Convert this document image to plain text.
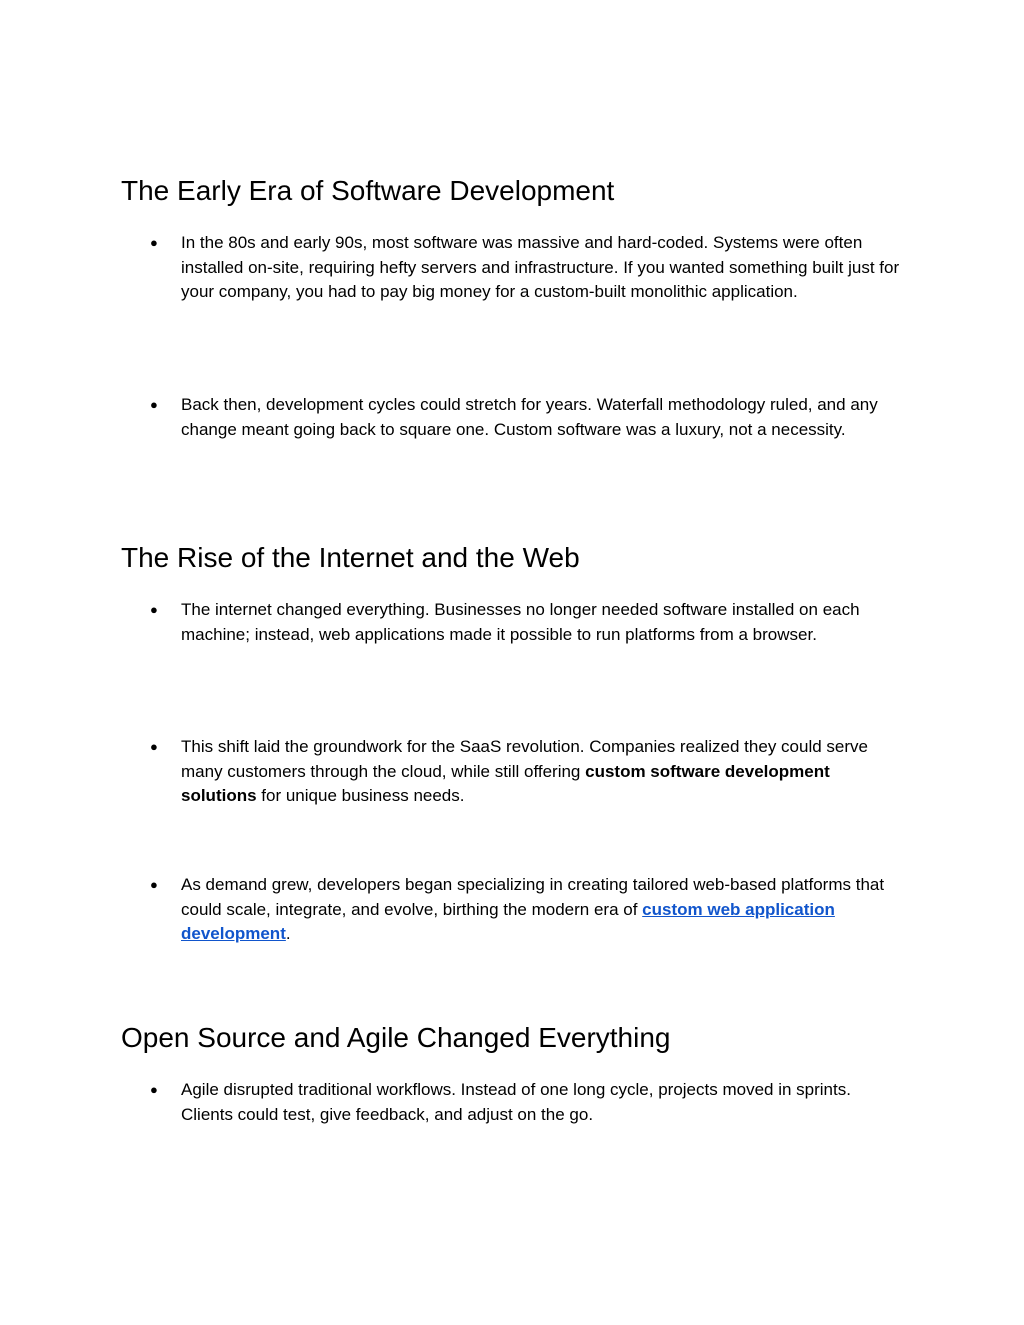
The Early Era of Software Development
● In the 80s and early 90s, most software was massive and hard-coded. Systems were often installed on-site, requiring hefty servers and infrastructure. If you wanted something built just for your company, you had to pay big money for a custom-built monolithic application.
● Back then, development cycles could stretch for years. Waterfall methodology ruled, and any change meant going back to square one. Custom software was a luxury, not a necessity.
The Rise of the Internet and the Web
● The internet changed everything. Businesses no longer needed software installed on each machine; instead, web applications made it possible to run platforms from a browser.
● This shift laid the groundwork for the SaaS revolution. Companies realized they could serve many customers through the cloud, while still offering custom software development solutions for unique business needs.
● As demand grew, developers began specializing in creating tailored web-based platforms that could scale, integrate, and evolve, birthing the modern era of custom web application development.
Open Source and Agile Changed Everything
● Agile disrupted traditional workflows. Instead of one long cycle, projects moved in sprints. Clients could test, give feedback, and adjust on the go.
